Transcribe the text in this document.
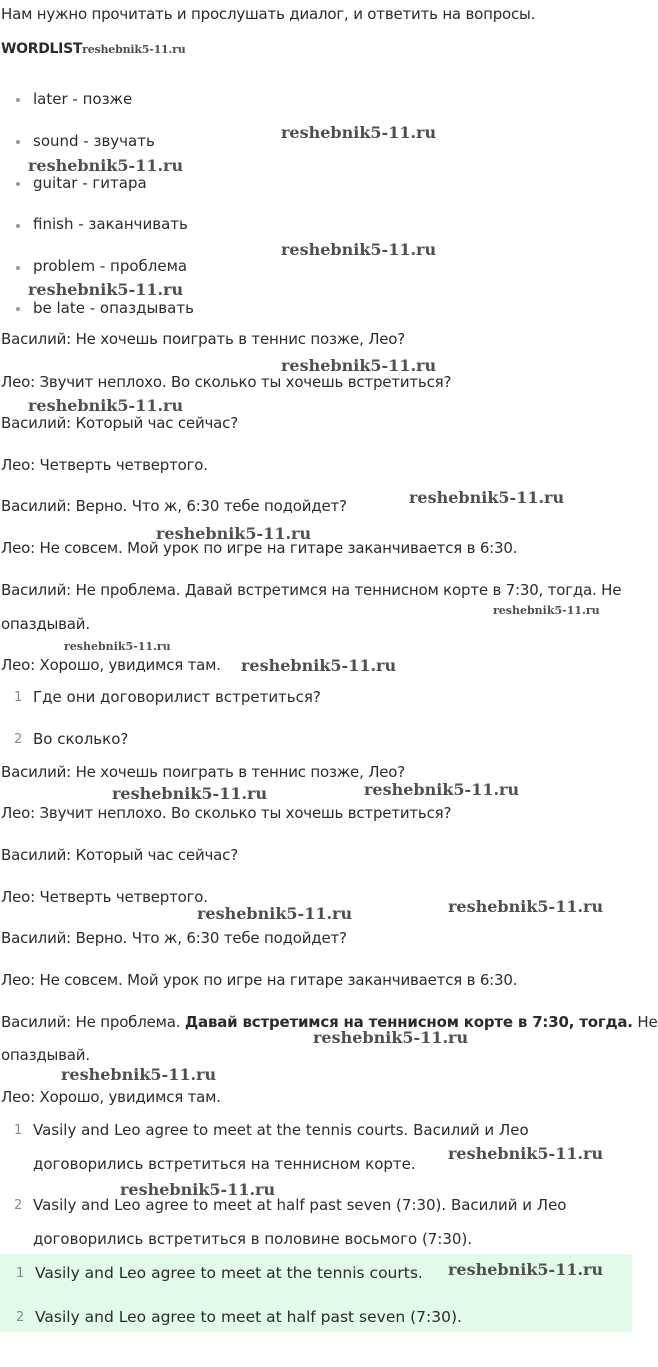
Нам нужно прочитать и прослушать диалог, и ответить на вопросы.
WORDLISTreshebnik5-11.ru
later - позже
sound - звучать
guitar - гитара
finish - заканчивать
problem - проблема
be late - опаздывать
Василий: Не хочешь поиграть в теннис позже, Лео?
Лео: Звучит неплохо. Во сколько ты хочешь встретиться?
Василий: Который час сейчас?
Лео: Четверть четвертого.
Василий: Верно. Что ж, 6:30 тебе подойдет?
Лео: Не совсем. Мой урок по игре на гитаре заканчивается в 6:30.
Василий: Не проблема. Давай встретимся на теннисном корте в 7:30, тогда. Не
опаздывай.
Лео: Хорошо, увидимся там.
1 Где они договорилист встретиться?
2 Во сколько?
Василий: Не хочешь поиграть в теннис позже, Лео?
Лео: Звучит неплохо. Во сколько ты хочешь встретиться?
Василий: Который час сейчас?
Лео: Четверть четвертого.
Василий: Верно. Что ж, 6:30 тебе подойдет?
Лео: Не совсем. Мой урок по игре на гитаре заканчивается в 6:30.
Василий: Не проблема. Давай встретимся на теннисном корте в 7:30, тогда. Не
опаздывай.
Лео: Хорошо, увидимся там.
1 Vasily and Leo agree to meet at the tennis courts. Василий и Лео
договорились встретиться на теннисном корте.
2 Vasily and Leo agree to meet at half past seven (7:30). Василий и Лео
договорились встретиться в половине восьмого (7:30).
1 Vasily and Leo agree to meet at the tennis courts.
2 Vasily and Leo agree to meet at half past seven (7:30).
reshebnik5-11.ru
reshebnik5-11.ru
reshebnik5-11.ru
reshebnik5-11.ru
reshebnik5-11.ru
reshebnik5-11.ru
reshebnik5-11.ru
reshebnik5-11.ru
reshebnik5-11.ru
reshebnik5-11.ru
reshebnik5-11.ru
reshebnik5-11.ru	reshebnik5-11.ru
reshebnik5-11.ru
reshebnik5-11.ru
reshebnik5-11.ru
reshebnik5-11.ru
reshebnik5-11.ru
reshebnik5-11.ru
reshebnik5-11.ru
